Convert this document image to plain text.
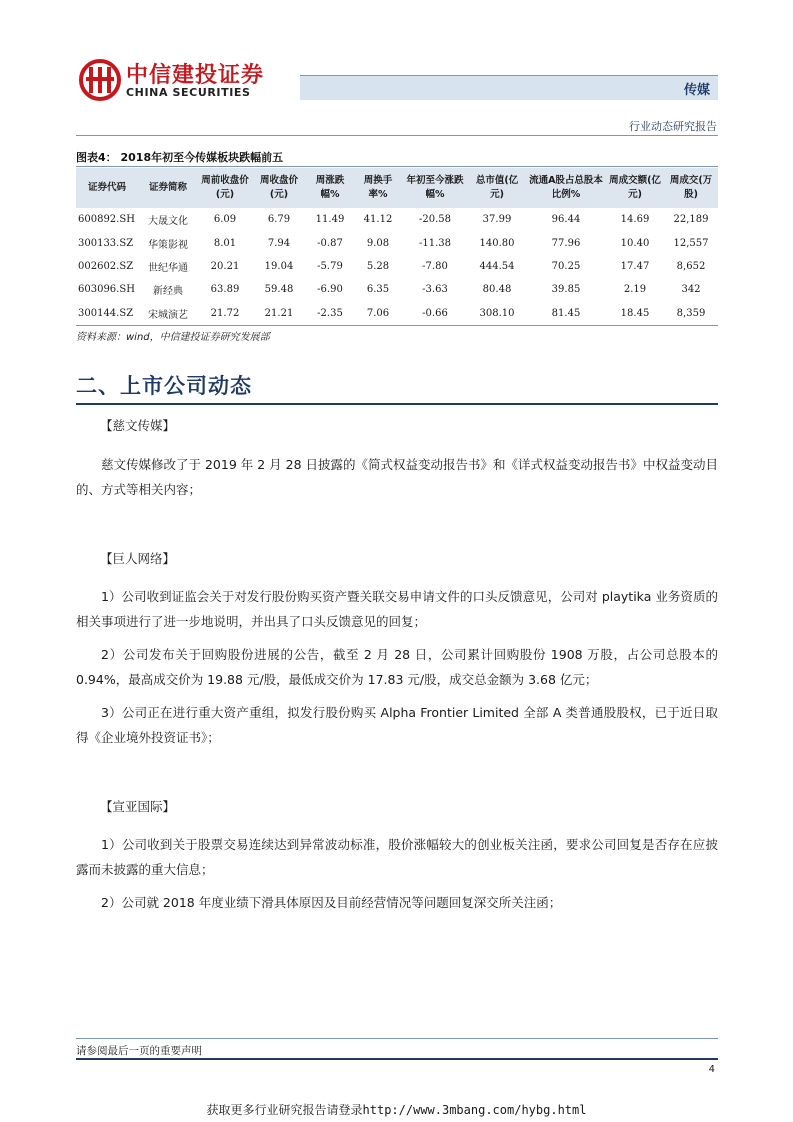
中信建投证券
CHINA SECURITIES	传媒
行业动态研究报告
图表4： 2018年初至今传媒板块跌幅前五
证券代码	证券简称	周前收盘价(元)	周收盘价(元)	周涨跌幅%	周换手率%	年初至今涨跌幅%	总市值(亿元)	流通A股占总股本比例%	周成交额(亿元)	周成交(万股)
600892.SH	大晟文化	6.09	6.79	11.49	41.12	-20.58	37.99	96.44	14.69	22,189
300133.SZ	华策影视	8.01	7.94	-0.87	9.08	-11.38	140.80	77.96	10.40	12,557
002602.SZ	世纪华通	20.21	19.04	-5.79	5.28	-7.80	444.54	70.25	17.47	8,652
603096.SH	新经典	63.89	59.48	-6.90	6.35	-3.63	80.48	39.85	2.19	342
300144.SZ	宋城演艺	21.72	21.21	-2.35	7.06	-0.66	308.10	81.45	18.45	8,359
资料来源：wind，中信建投证券研究发展部
二、上市公司动态
【慈文传媒】
慈文传媒修改了于 2019 年 2 月 28 日披露的《简式权益变动报告书》和《详式权益变动报告书》中权益变动目的、方式等相关内容；
【巨人网络】
1）公司收到证监会关于对发行股份购买资产暨关联交易申请文件的口头反馈意见，公司对 playtika 业务资质的相关事项进行了进一步地说明，并出具了口头反馈意见的回复；
2）公司发布关于回购股份进展的公告，截至 2 月 28 日，公司累计回购股份 1908 万股，占公司总股本的 0.94%，最高成交价为 19.88 元/股，最低成交价为 17.83 元/股，成交总金额为 3.68 亿元；
3）公司正在进行重大资产重组，拟发行股份购买 Alpha Frontier Limited 全部 A 类普通股股权，已于近日取得《企业境外投资证书》；
【宣亚国际】
1）公司收到关于股票交易连续达到异常波动标准，股价涨幅较大的创业板关注函，要求公司回复是否存在应披露而未披露的重大信息；
2）公司就 2018 年度业绩下滑具体原因及目前经营情况等问题回复深交所关注函；
请参阅最后一页的重要声明
4
获取更多行业研究报告请登录http://www.3mbang.com/hybg.html
